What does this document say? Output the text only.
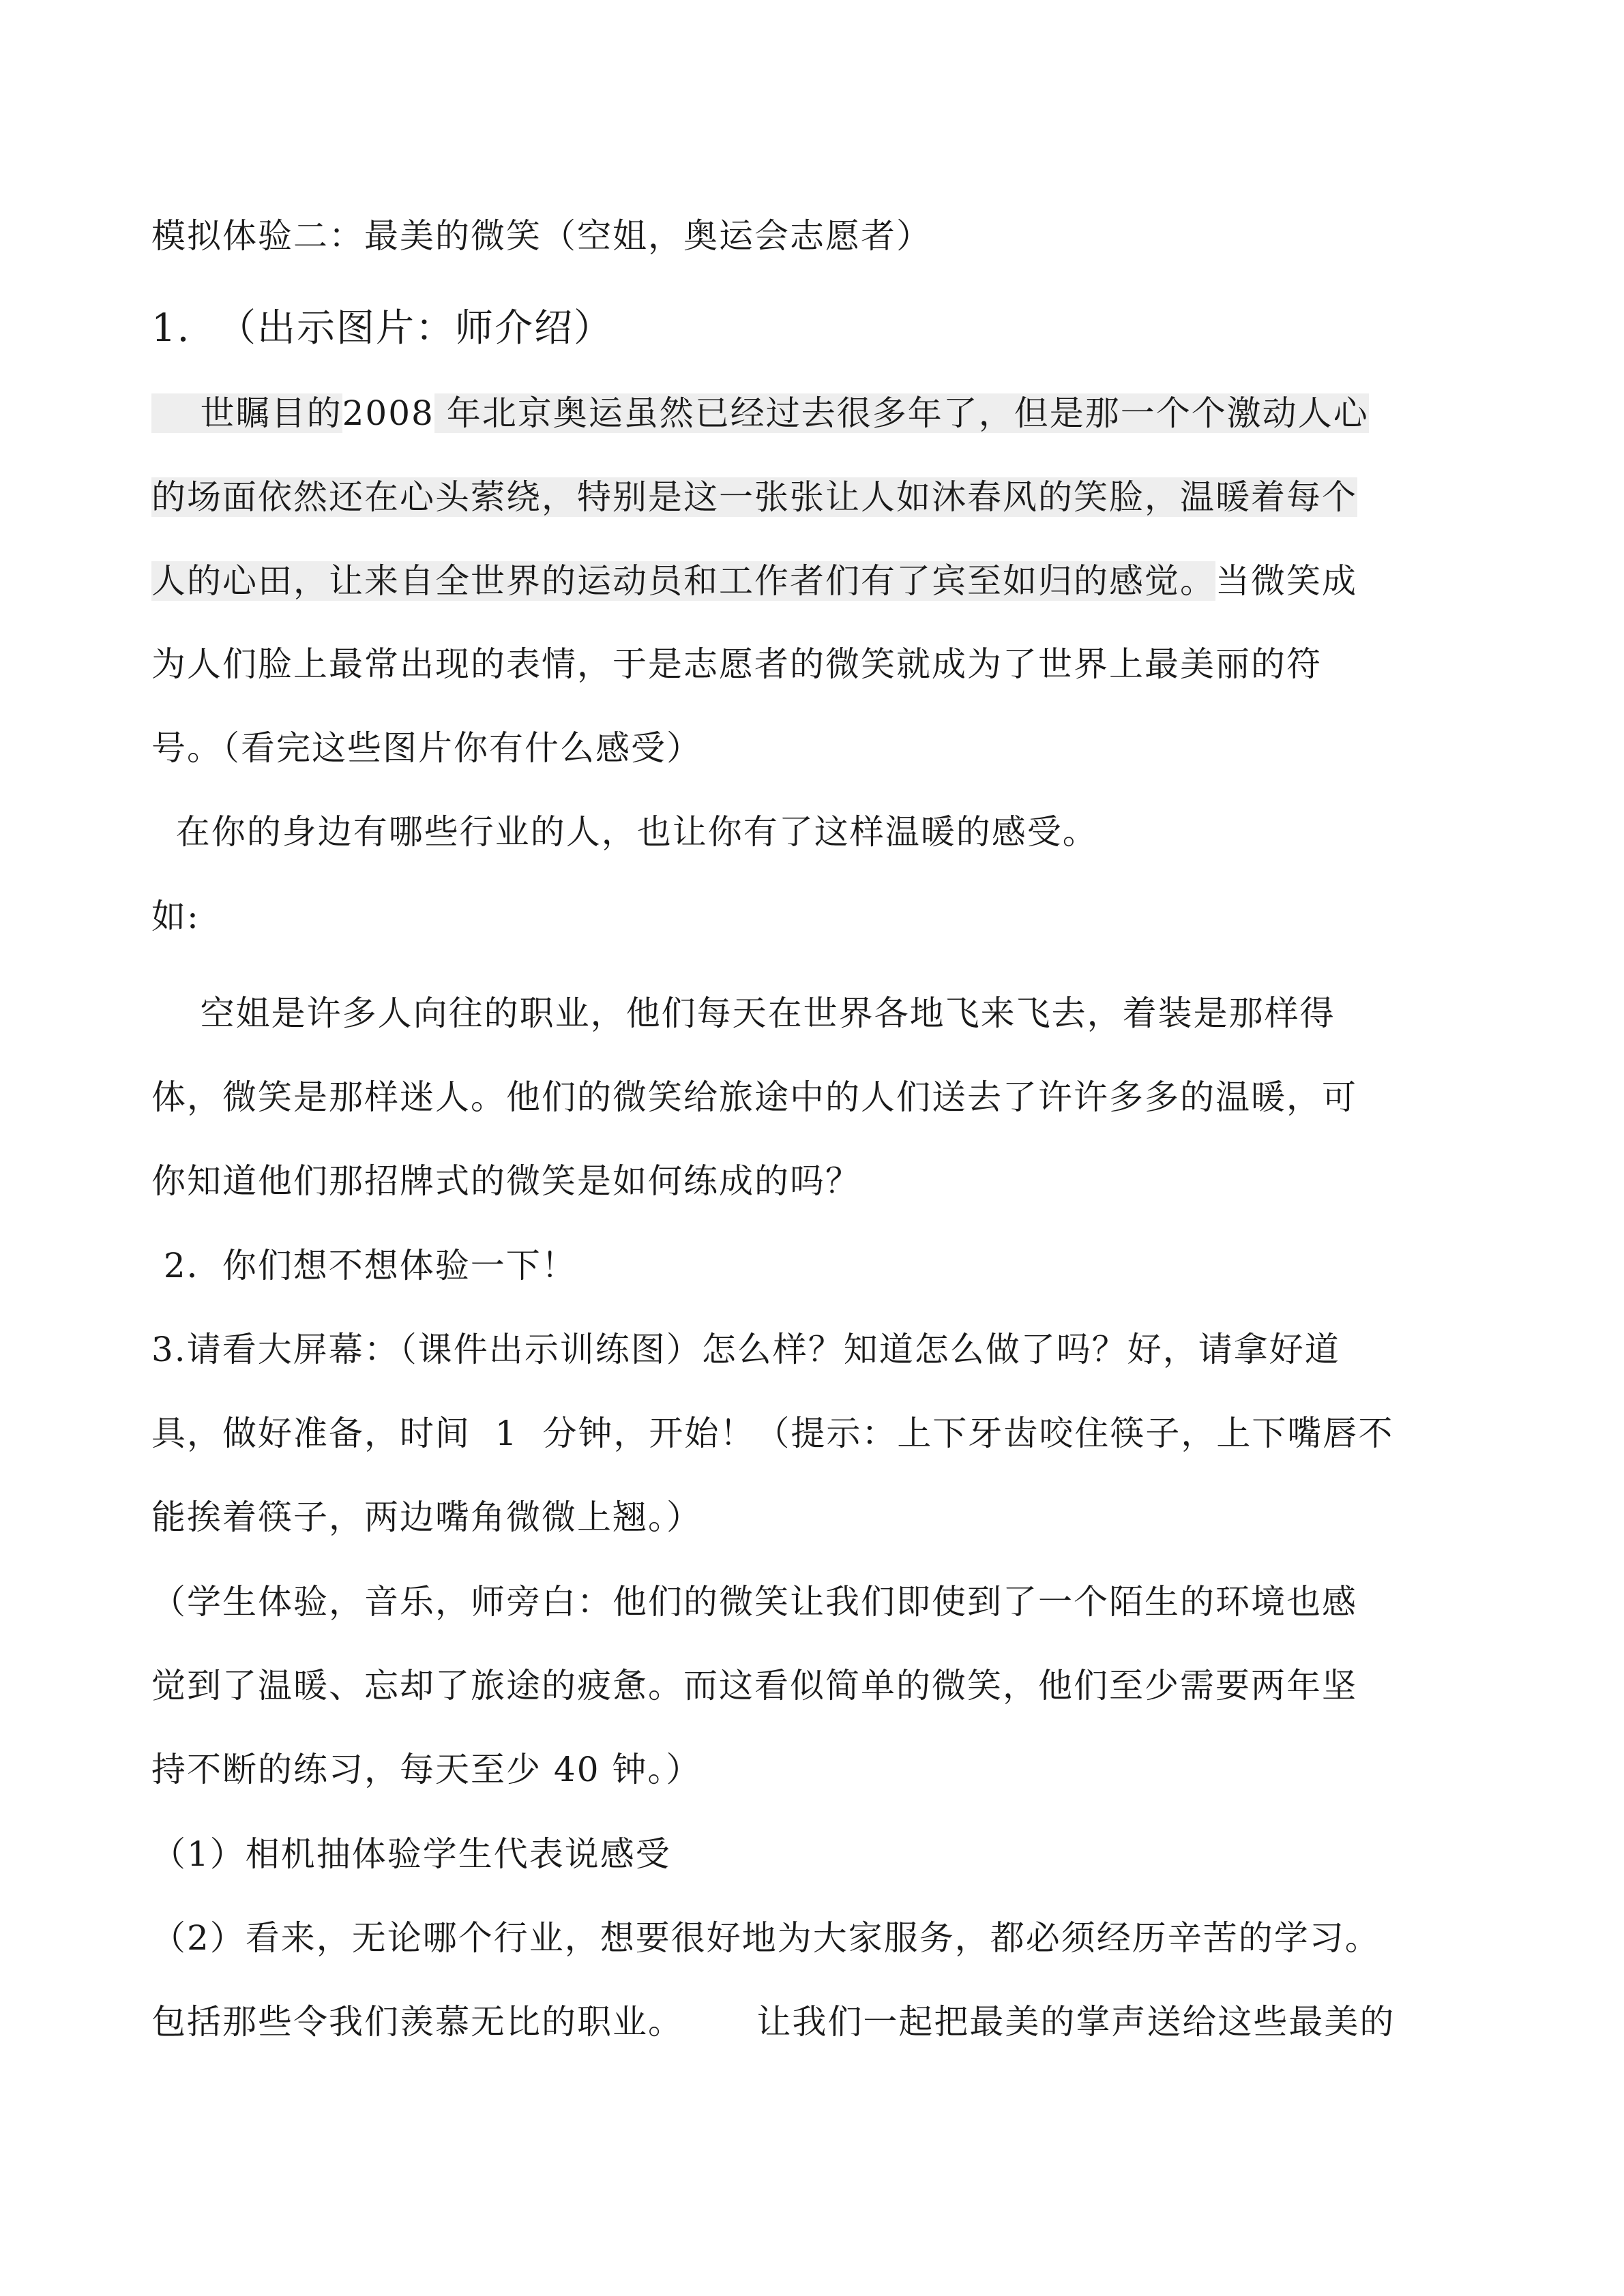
模拟体验二：最美的微笑（空姐，奥运会志愿者）
1.  （出示图片：师介绍）
世瞩目的2008 年北京奥运虽然已经过去很多年了，但是那一个个激动人心
的场面依然还在心头萦绕，特别是这一张张让人如沐春风的笑脸，温暖着每个
人的心田，让来自全世界的运动员和工作者们有了宾至如归的感觉。当微笑成
为人们脸上最常出现的表情，于是志愿者的微笑就成为了世界上最美丽的符
号。（看完这些图片你有什么感受）
在你的身边有哪些行业的人，也让你有了这样温暖的感受。
如:
空姐是许多人向往的职业，他们每天在世界各地飞来飞去，着装是那样得
体，微笑是那样迷人。他们的微笑给旅途中的人们送去了许许多多的温暖，可
你知道他们那招牌式的微笑是如何练成的吗？
2．你们想不想体验一下！
3.请看大屏幕：（课件出示训练图）怎么样？知道怎么做了吗？好，请拿好道
具，做好准备，时间  1  分钟，开始！（提示：上下牙齿咬住筷子，上下嘴唇不
能挨着筷子，两边嘴角微微上翘。）
（学生体验，音乐，师旁白：他们的微笑让我们即使到了一个陌生的环境也感
觉到了温暖、忘却了旅途的疲惫。而这看似简单的微笑，他们至少需要两年坚
持不断的练习，每天至少 40 钟。）
（1）相机抽体验学生代表说感受
（2）看来，无论哪个行业，想要很好地为大家服务，都必须经历辛苦的学习。
包括那些令我们羡慕无比的职业。      让我们一起把最美的掌声送给这些最美的
